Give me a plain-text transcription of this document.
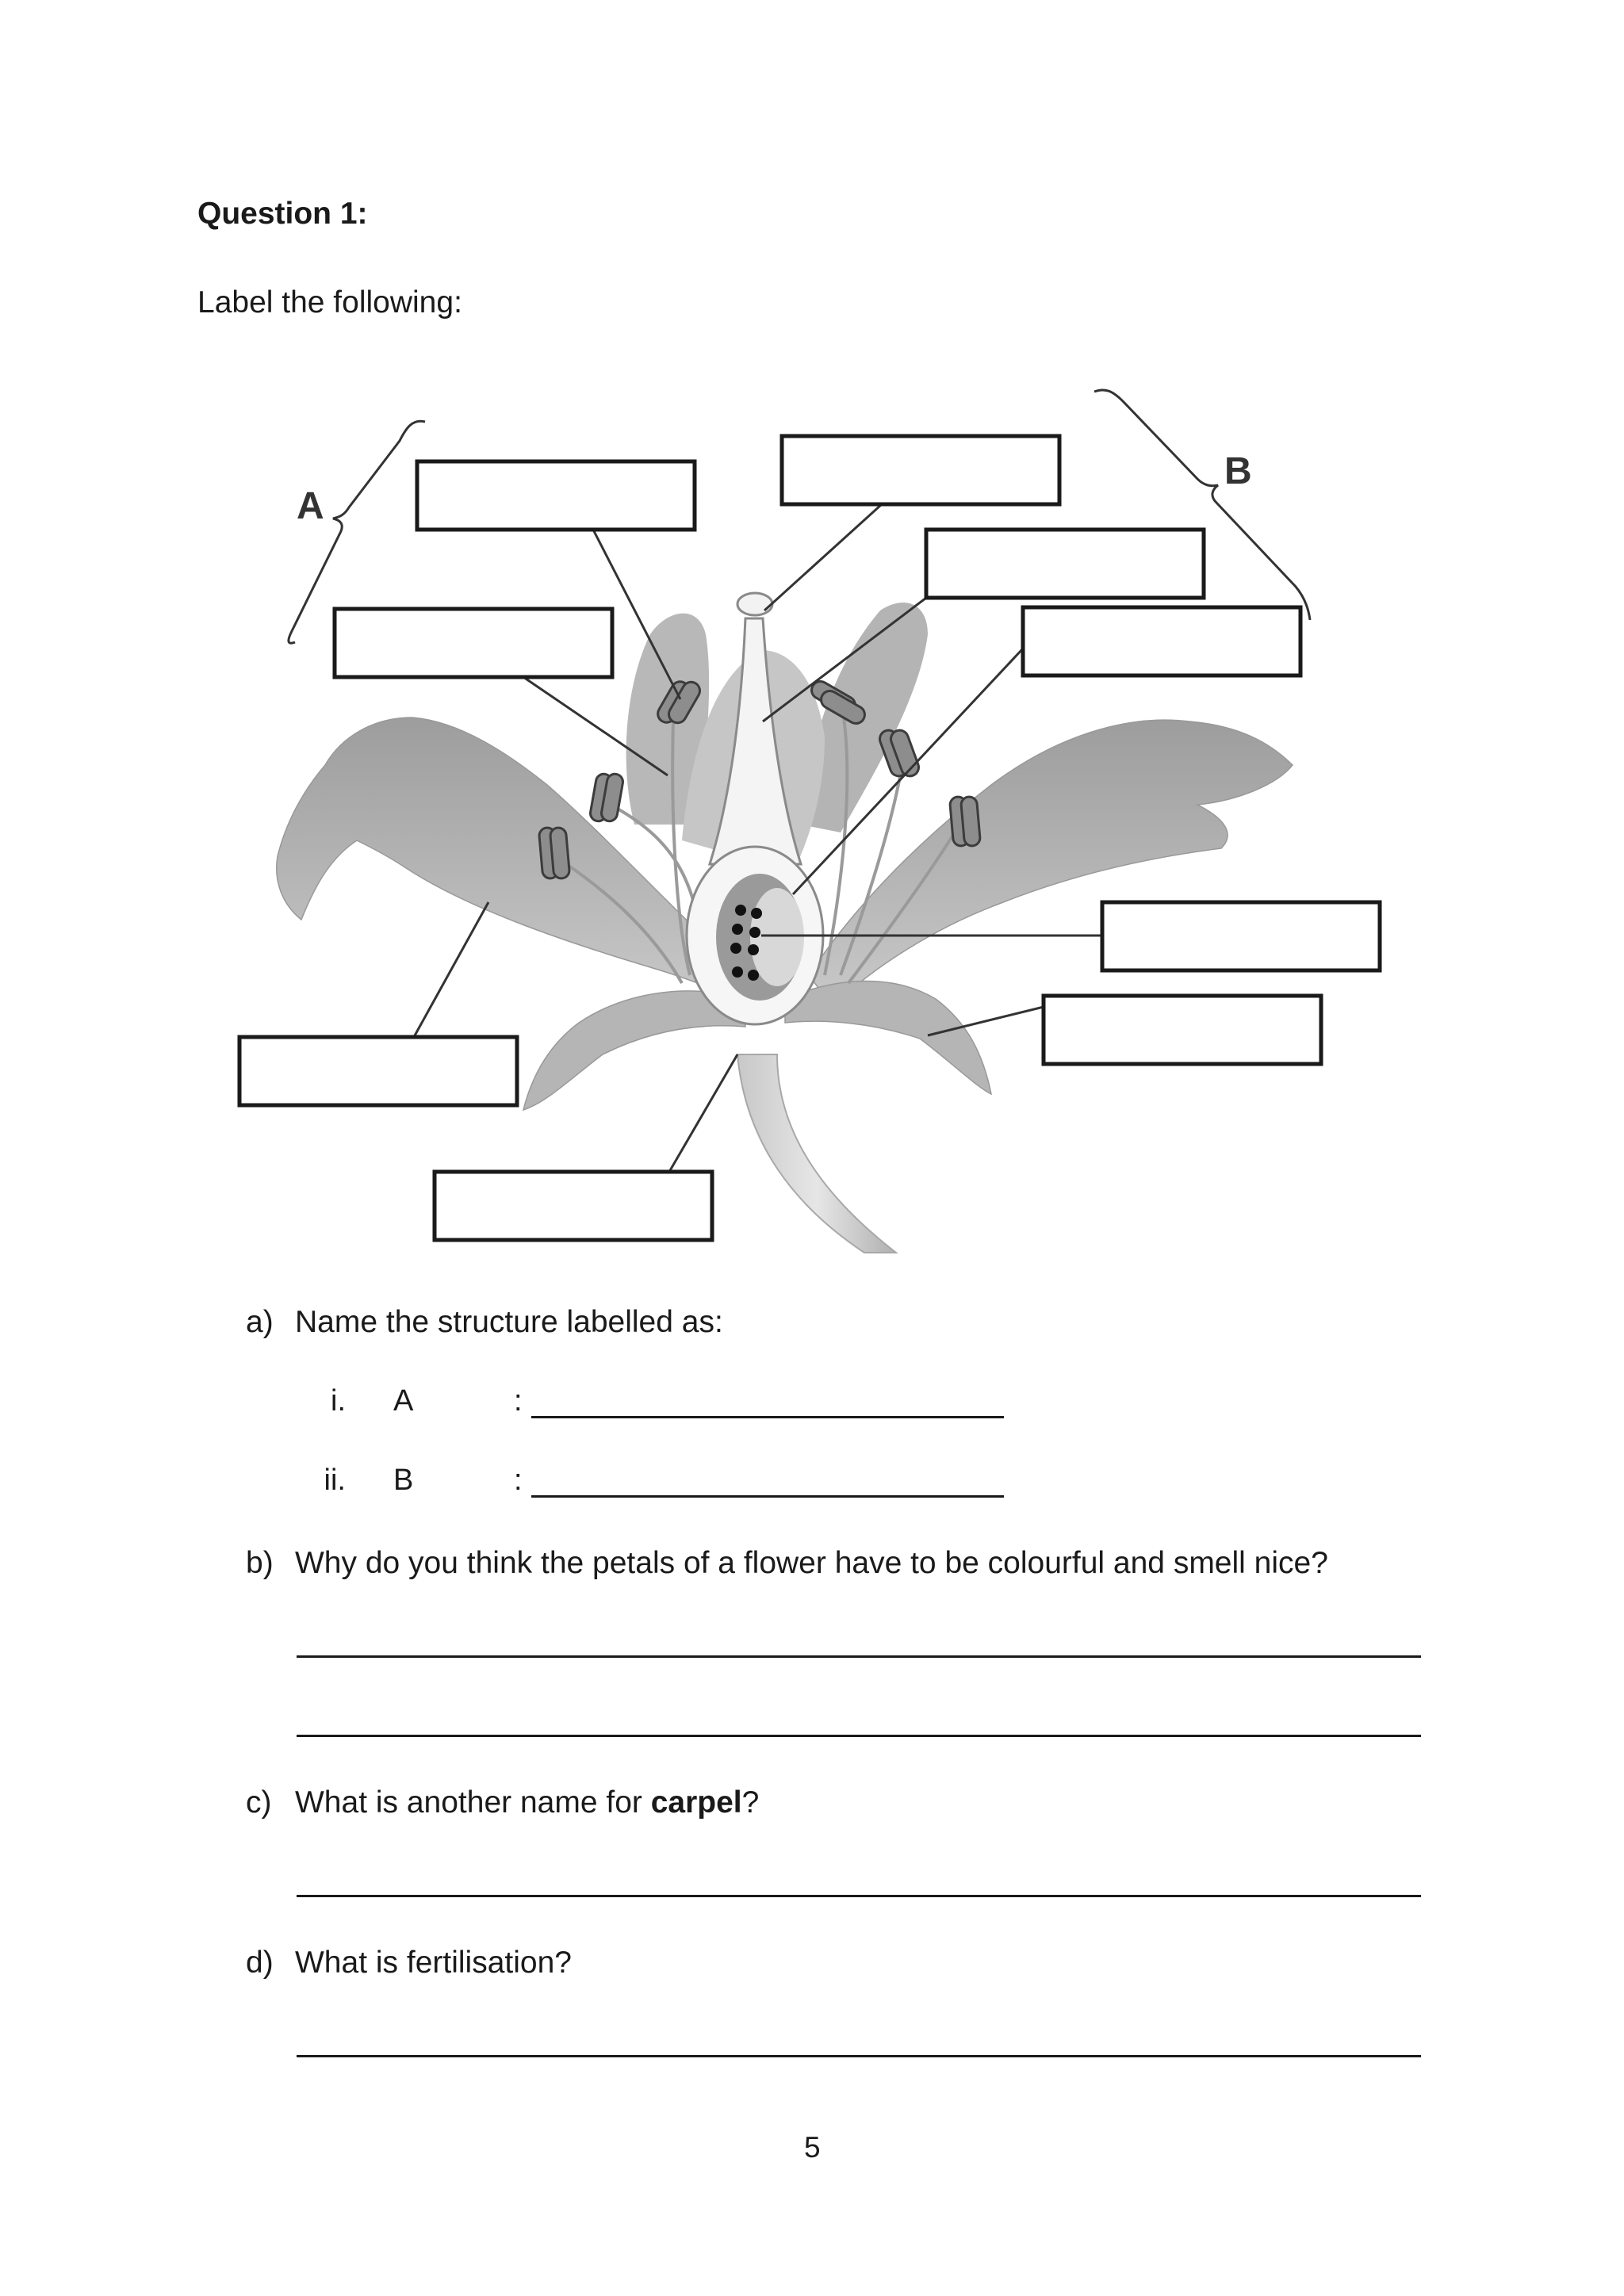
Question 1:
Label the following:
A
B
a) Name the structure labelled as:
i. A	:
ii. B	:
b) Why do you think the petals of a flower have to be colourful and smell nice?
c) What is another name for carpel?
d) What is fertilisation?
5
